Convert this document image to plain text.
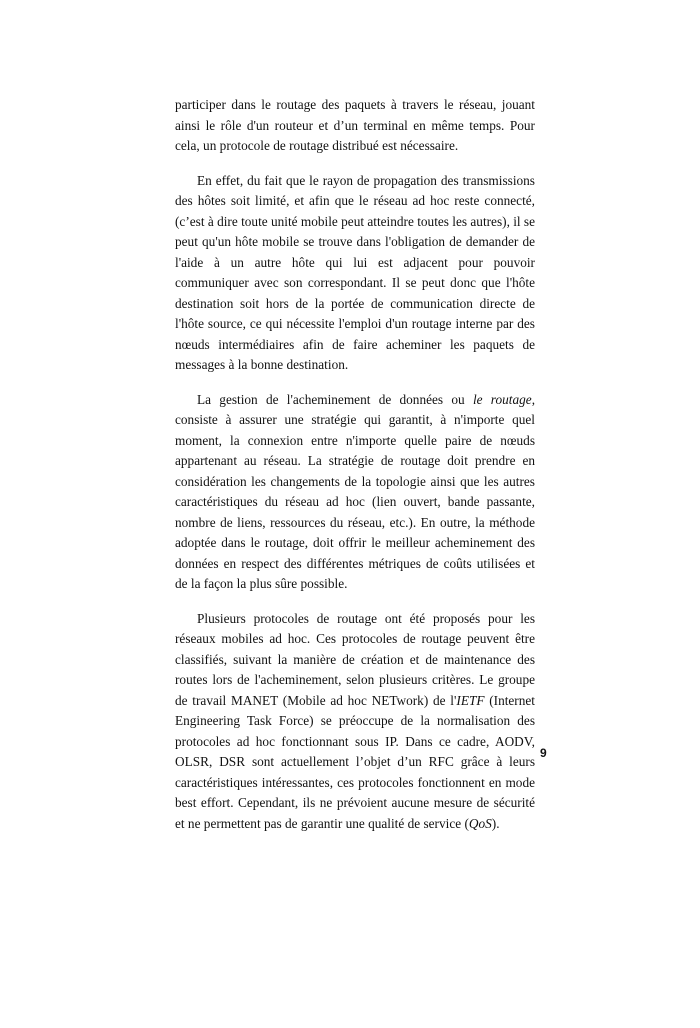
participer dans le routage des paquets à travers le réseau, jouant ainsi le rôle d'un routeur et d’un terminal en même temps. Pour cela, un protocole de routage distribué est nécessaire.

En effet, du fait que le rayon de propagation des transmissions des hôtes soit limité, et afin que le réseau ad hoc reste connecté, (c’est à dire toute unité mobile peut atteindre toutes les autres), il se peut qu'un hôte mobile se trouve dans l'obligation de demander de l'aide à un autre hôte qui lui est adjacent pour pouvoir communiquer avec son correspondant. Il se peut donc que l'hôte destination soit hors de la portée de communication directe de l'hôte source, ce qui nécessite l'emploi d'un routage interne par des nœuds intermédiaires afin de faire acheminer les paquets de messages à la bonne destination.

La gestion de l'acheminement de données ou le routage, consiste à assurer une stratégie qui garantit, à n'importe quel moment, la connexion entre n'importe quelle paire de nœuds appartenant au réseau. La stratégie de routage doit prendre en considération les changements de la topologie ainsi que les autres caractéristiques du réseau ad hoc (lien ouvert, bande passante, nombre de liens, ressources du réseau, etc.). En outre, la méthode adoptée dans le routage, doit offrir le meilleur acheminement des données en respect des différentes métriques de coûts utilisées et de la façon la plus sûre possible.

Plusieurs protocoles de routage ont été proposés pour les réseaux mobiles ad hoc. Ces protocoles de routage peuvent être classifiés, suivant la manière de création et de maintenance des routes lors de l'acheminement, selon plusieurs critères. Le groupe de travail MANET (Mobile ad hoc NETwork) de l'IETF (Internet Engineering Task Force) se préoccupe de la normalisation des protocoles ad hoc fonctionnant sous IP. Dans ce cadre, AODV, OLSR, DSR sont actuellement l’objet d’un RFC grâce à leurs caractéristiques intéressantes, ces protocoles fonctionnent en mode best effort. Cependant, ils ne prévoient aucune mesure de sécurité et ne permettent pas de garantir une qualité de service (QoS).

9
